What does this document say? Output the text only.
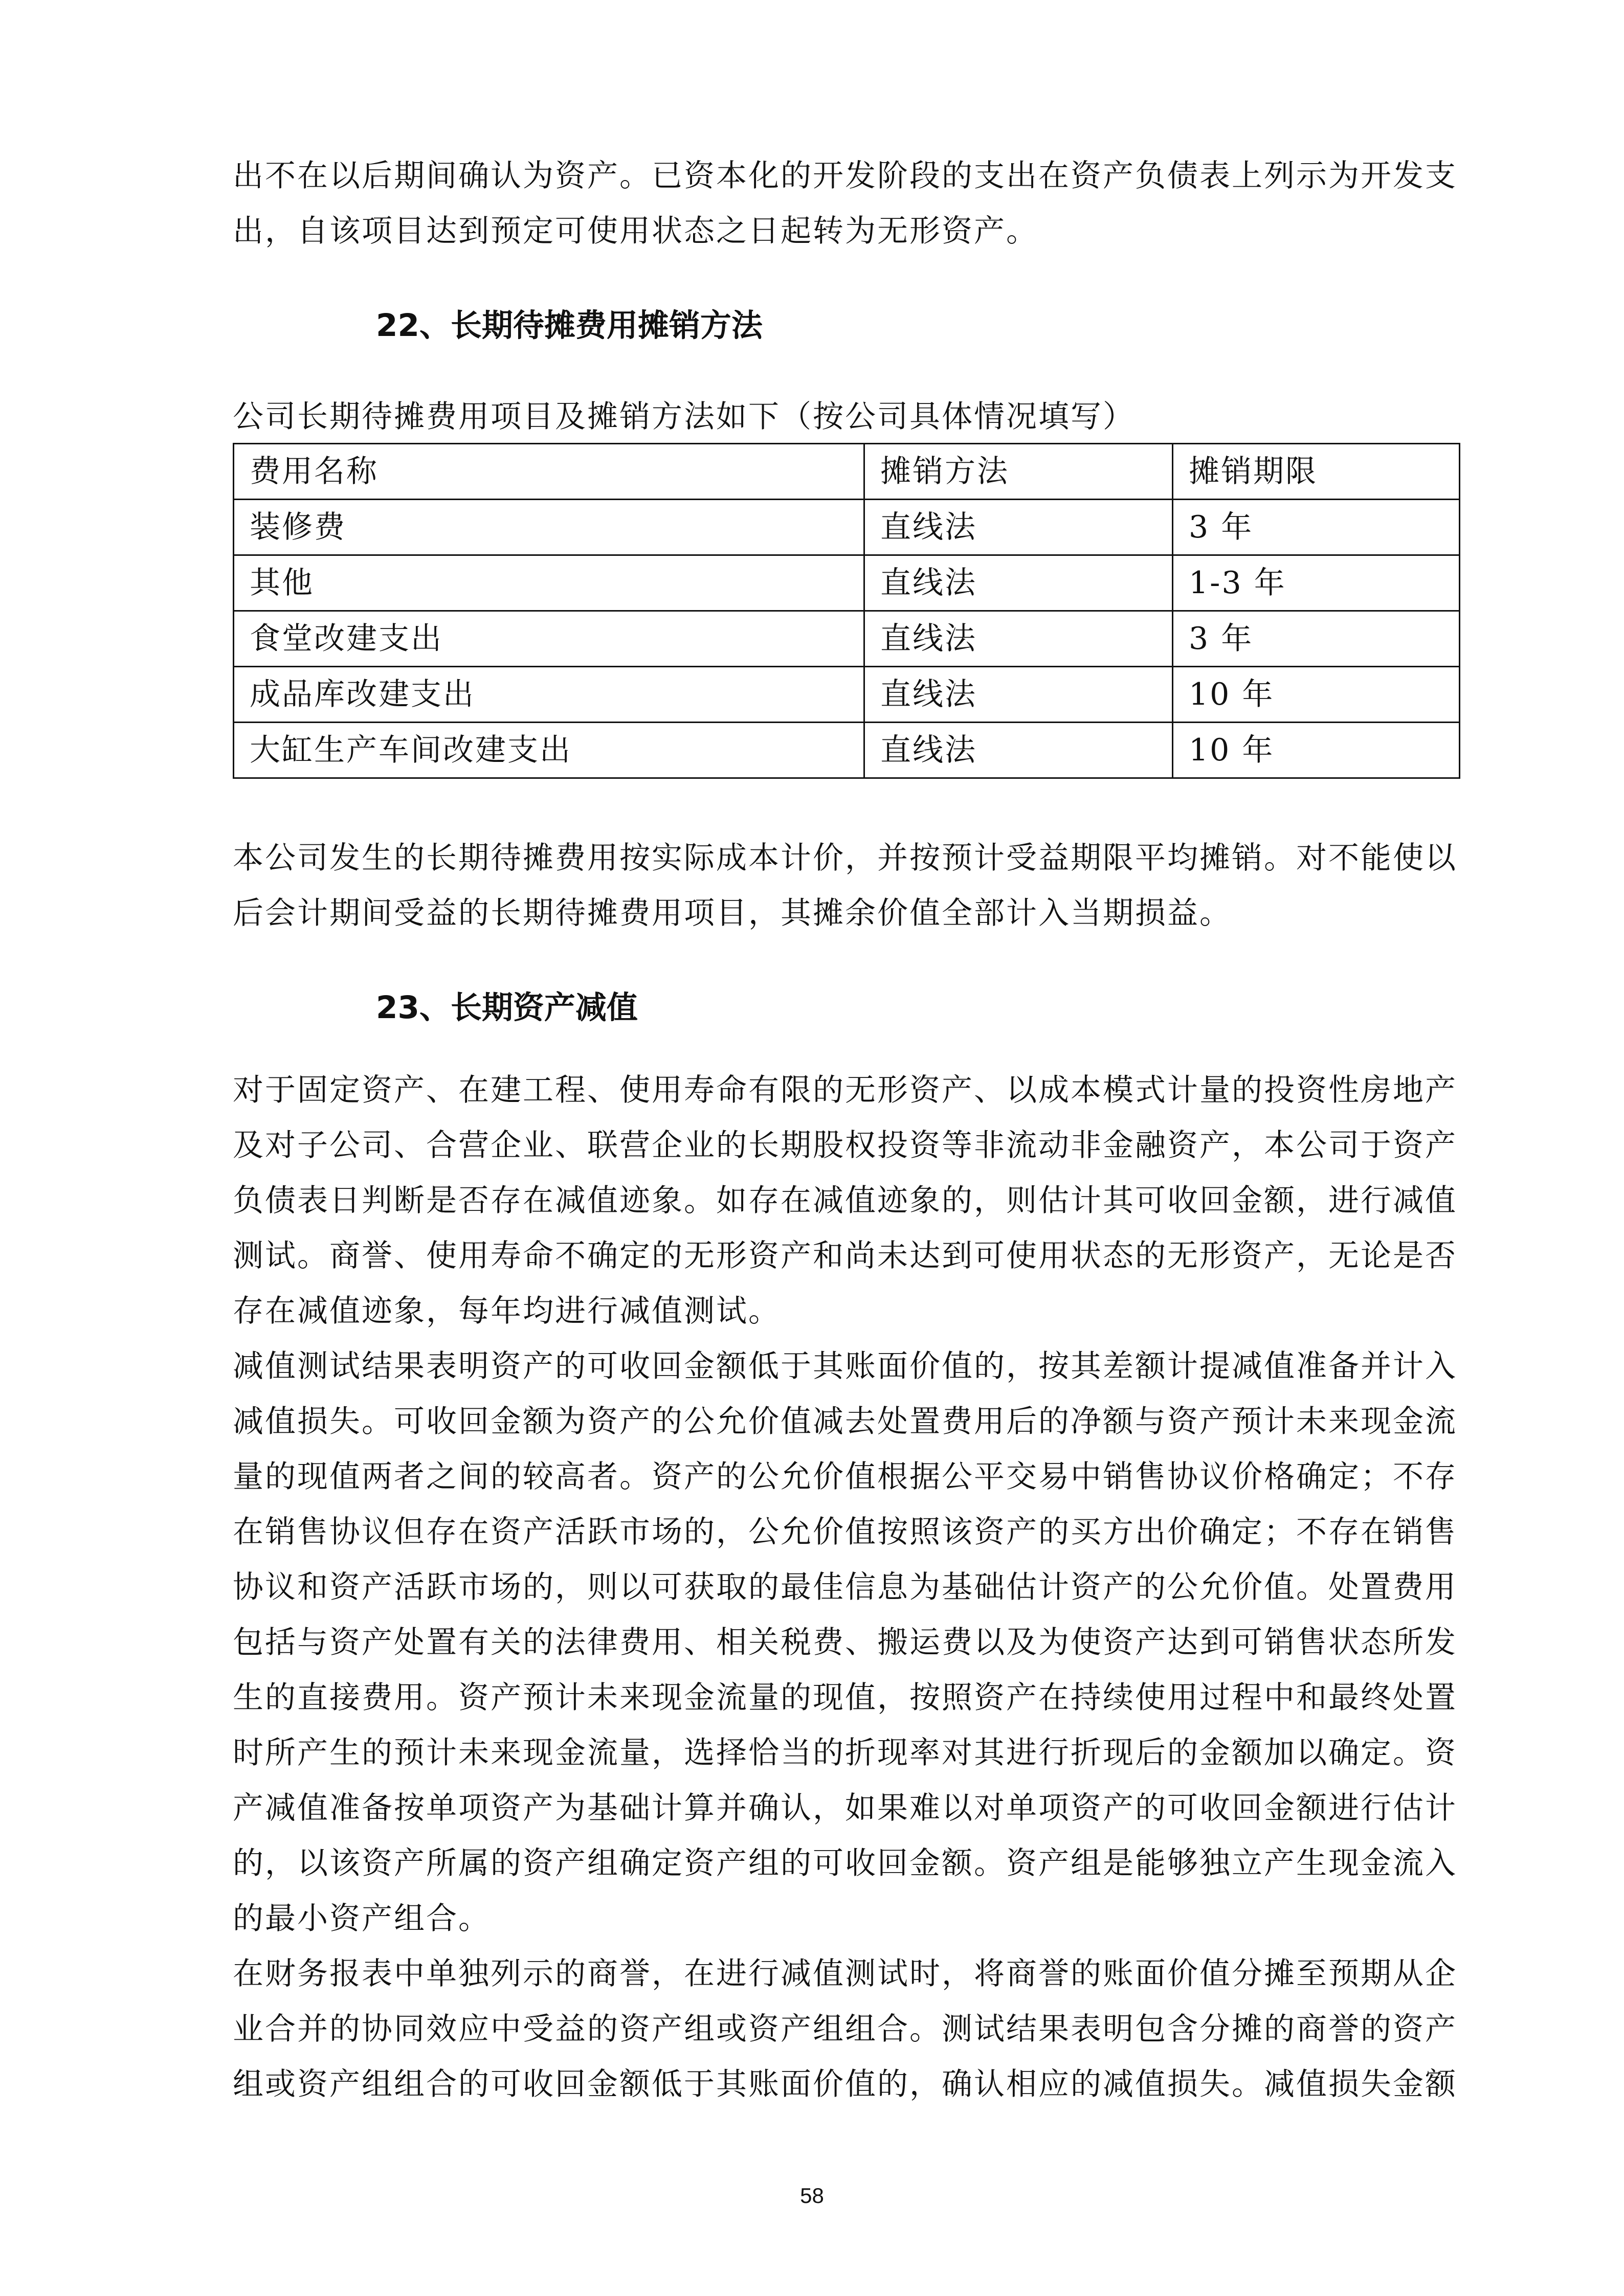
出不在以后期间确认为资产。已资本化的开发阶段的支出在资产负债表上列示为开发支

出，自该项目达到预定可使用状态之日起转为无形资产。

22、长期待摊费用摊销方法
公司长期待摊费用项目及摊销方法如下（按公司具体情况填写）
费用名称	摊销方法	摊销期限
装修费	直线法	3 年
其他	直线法	1-3 年
食堂改建支出	直线法	3 年
成品库改建支出	直线法	10 年
大缸生产车间改建支出	直线法	10 年

本公司发生的长期待摊费用按实际成本计价，并按预计受益期限平均摊销。对不能使以

后会计期间受益的长期待摊费用项目，其摊余价值全部计入当期损益。

23、长期资产减值

对于固定资产、在建工程、使用寿命有限的无形资产、以成本模式计量的投资性房地产

及对子公司、合营企业、联营企业的长期股权投资等非流动非金融资产，本公司于资产

负债表日判断是否存在减值迹象。如存在减值迹象的，则估计其可收回金额，进行减值

测试。商誉、使用寿命不确定的无形资产和尚未达到可使用状态的无形资产，无论是否

存在减值迹象，每年均进行减值测试。

减值测试结果表明资产的可收回金额低于其账面价值的，按其差额计提减值准备并计入

减值损失。可收回金额为资产的公允价值减去处置费用后的净额与资产预计未来现金流

量的现值两者之间的较高者。资产的公允价值根据公平交易中销售协议价格确定；不存

在销售协议但存在资产活跃市场的，公允价值按照该资产的买方出价确定；不存在销售

协议和资产活跃市场的，则以可获取的最佳信息为基础估计资产的公允价值。处置费用

包括与资产处置有关的法律费用、相关税费、搬运费以及为使资产达到可销售状态所发

生的直接费用。资产预计未来现金流量的现值，按照资产在持续使用过程中和最终处置

时所产生的预计未来现金流量，选择恰当的折现率对其进行折现后的金额加以确定。资

产减值准备按单项资产为基础计算并确认，如果难以对单项资产的可收回金额进行估计

的，以该资产所属的资产组确定资产组的可收回金额。资产组是能够独立产生现金流入

的最小资产组合。

在财务报表中单独列示的商誉，在进行减值测试时，将商誉的账面价值分摊至预期从企

业合并的协同效应中受益的资产组或资产组组合。测试结果表明包含分摊的商誉的资产

组或资产组组合的可收回金额低于其账面价值的，确认相应的减值损失。减值损失金额

58
